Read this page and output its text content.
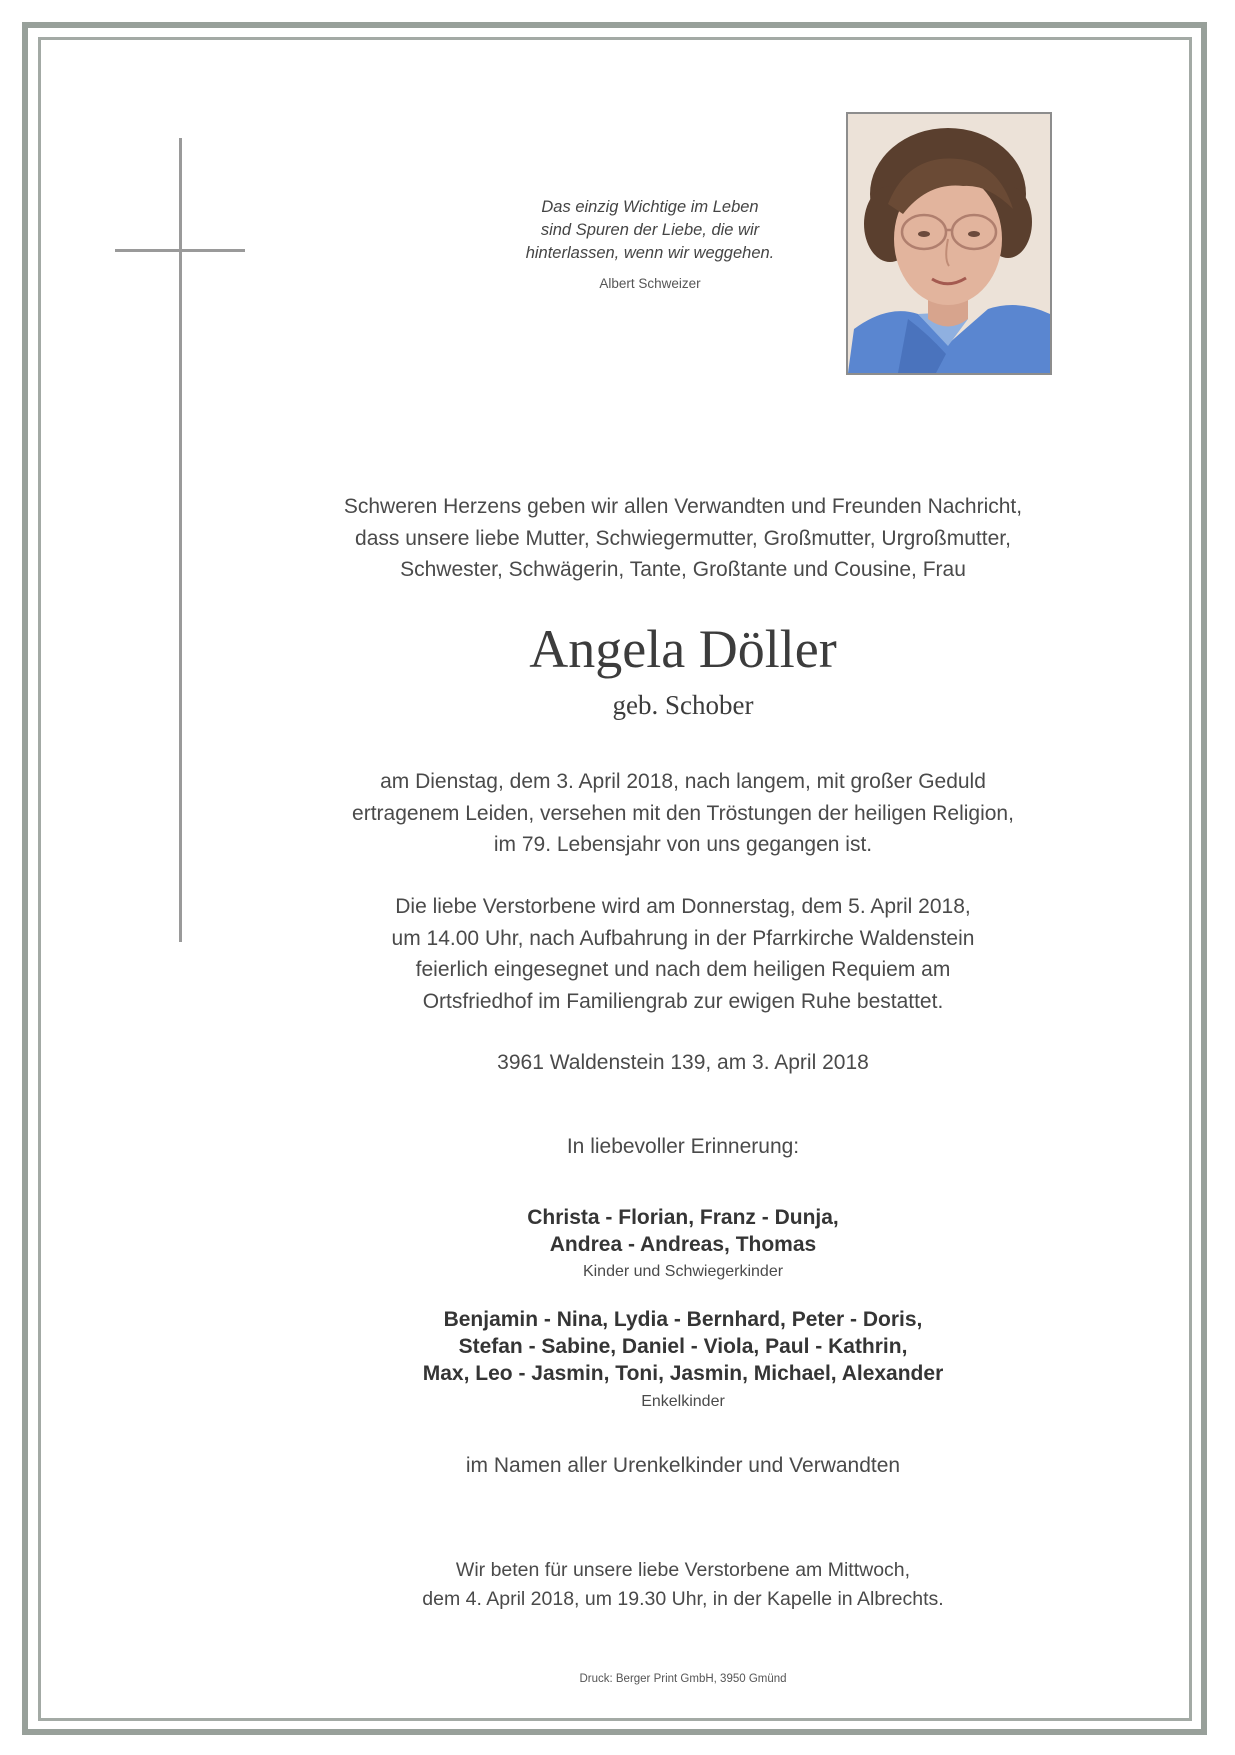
Das einzig Wichtige im Leben
sind Spuren der Liebe, die wir
hinterlassen, wenn wir weggehen.
Albert Schweizer
Schweren Herzens geben wir allen Verwandten und Freunden Nachricht,
dass unsere liebe Mutter, Schwiegermutter, Großmutter, Urgroßmutter,
Schwester, Schwägerin, Tante, Großtante und Cousine, Frau
Angela Döller
geb. Schober
am Dienstag, dem 3. April 2018, nach langem, mit großer Geduld
ertragenem Leiden, versehen mit den Tröstungen der heiligen Religion,
im 79. Lebensjahr von uns gegangen ist.
Die liebe Verstorbene wird am Donnerstag, dem 5. April 2018,
um 14.00 Uhr, nach Aufbahrung in der Pfarrkirche Waldenstein
feierlich eingesegnet und nach dem heiligen Requiem am
Ortsfriedhof im Familiengrab zur ewigen Ruhe bestattet.
3961 Waldenstein 139, am 3. April 2018
In liebevoller Erinnerung:
Christa - Florian, Franz - Dunja,
Andrea - Andreas, Thomas
Kinder und Schwiegerkinder
Benjamin - Nina, Lydia - Bernhard, Peter - Doris,
Stefan - Sabine, Daniel - Viola, Paul - Kathrin,
Max, Leo - Jasmin, Toni, Jasmin, Michael, Alexander
Enkelkinder
im Namen aller Urenkelkinder und Verwandten
Wir beten für unsere liebe Verstorbene am Mittwoch,
dem 4. April 2018, um 19.30 Uhr, in der Kapelle in Albrechts.
Druck: Berger Print GmbH, 3950 Gmünd
